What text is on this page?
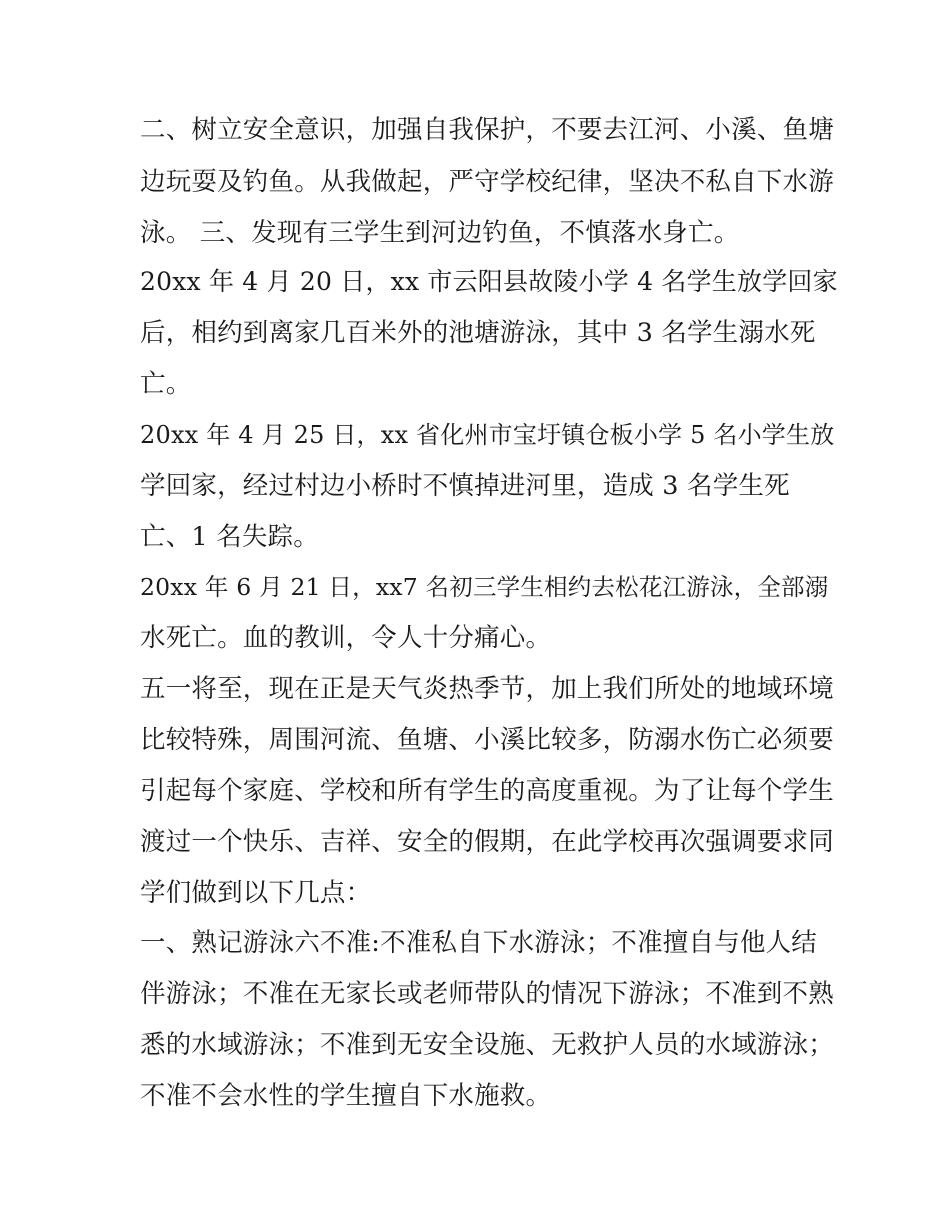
二、树立安全意识，加强自我保护，不要去江河、小溪、鱼塘
边玩耍及钓鱼。从我做起，严守学校纪律，坚决不私自下水游
泳。 三、发现有三学生到河边钓鱼，不慎落水身亡。
20xx 年 4 月 20 日，xx 市云阳县故陵小学 4 名学生放学回家
后，相约到离家几百米外的池塘游泳，其中 3 名学生溺水死
亡。
20xx 年 4 月 25 日，xx 省化州市宝圩镇仓板小学 5 名小学生放
学回家，经过村边小桥时不慎掉进河里，造成 3 名学生死
亡、1 名失踪。
20xx 年 6 月 21 日，xx7 名初三学生相约去松花江游泳，全部溺
水死亡。血的教训，令人十分痛心。
五一将至，现在正是天气炎热季节，加上我们所处的地域环境
比较特殊，周围河流、鱼塘、小溪比较多，防溺水伤亡必须要
引起每个家庭、学校和所有学生的高度重视。为了让每个学生
渡过一个快乐、吉祥、安全的假期，在此学校再次强调要求同
学们做到以下几点：
一、熟记游泳六不准:不准私自下水游泳；不准擅自与他人结
伴游泳；不准在无家长或老师带队的情况下游泳；不准到不熟
悉的水域游泳；不准到无安全设施、无救护人员的水域游泳；
不准不会水性的学生擅自下水施救。
